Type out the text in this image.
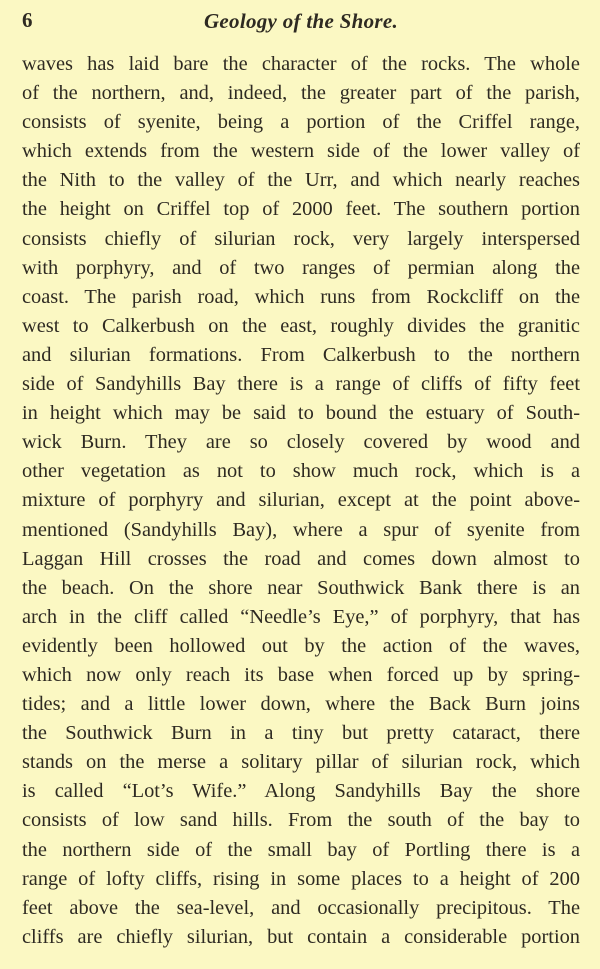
6	Geology of the Shore.
waves has laid bare the character of the rocks. The whole
of the northern, and, indeed, the greater part of the parish,
consists of syenite, being a portion of the Criffel range,
which extends from the western side of the lower valley of
the Nith to the valley of the Urr, and which nearly reaches
the height on Criffel top of 2000 feet. The southern portion
consists chiefly of silurian rock, very largely interspersed
with porphyry, and of two ranges of permian along the
coast. The parish road, which runs from Rockcliff on the
west to Calkerbush on the east, roughly divides the granitic
and silurian formations. From Calkerbush to the northern
side of Sandyhills Bay there is a range of cliffs of fifty feet
in height which may be said to bound the estuary of South-
wick Burn. They are so closely covered by wood and
other vegetation as not to show much rock, which is a
mixture of porphyry and silurian, except at the point above-
mentioned (Sandyhills Bay), where a spur of syenite from
Laggan Hill crosses the road and comes down almost to
the beach. On the shore near Southwick Bank there is an
arch in the cliff called “Needle’s Eye,” of porphyry, that has
evidently been hollowed out by the action of the waves,
which now only reach its base when forced up by spring-
tides; and a little lower down, where the Back Burn joins
the Southwick Burn in a tiny but pretty cataract, there
stands on the merse a solitary pillar of silurian rock, which
is called “Lot’s Wife.” Along Sandyhills Bay the shore
consists of low sand hills. From the south of the bay to
the northern side of the small bay of Portling there is a
range of lofty cliffs, rising in some places to a height of 200
feet above the sea-level, and occasionally precipitous. The
cliffs are chiefly silurian, but contain a considerable portion
